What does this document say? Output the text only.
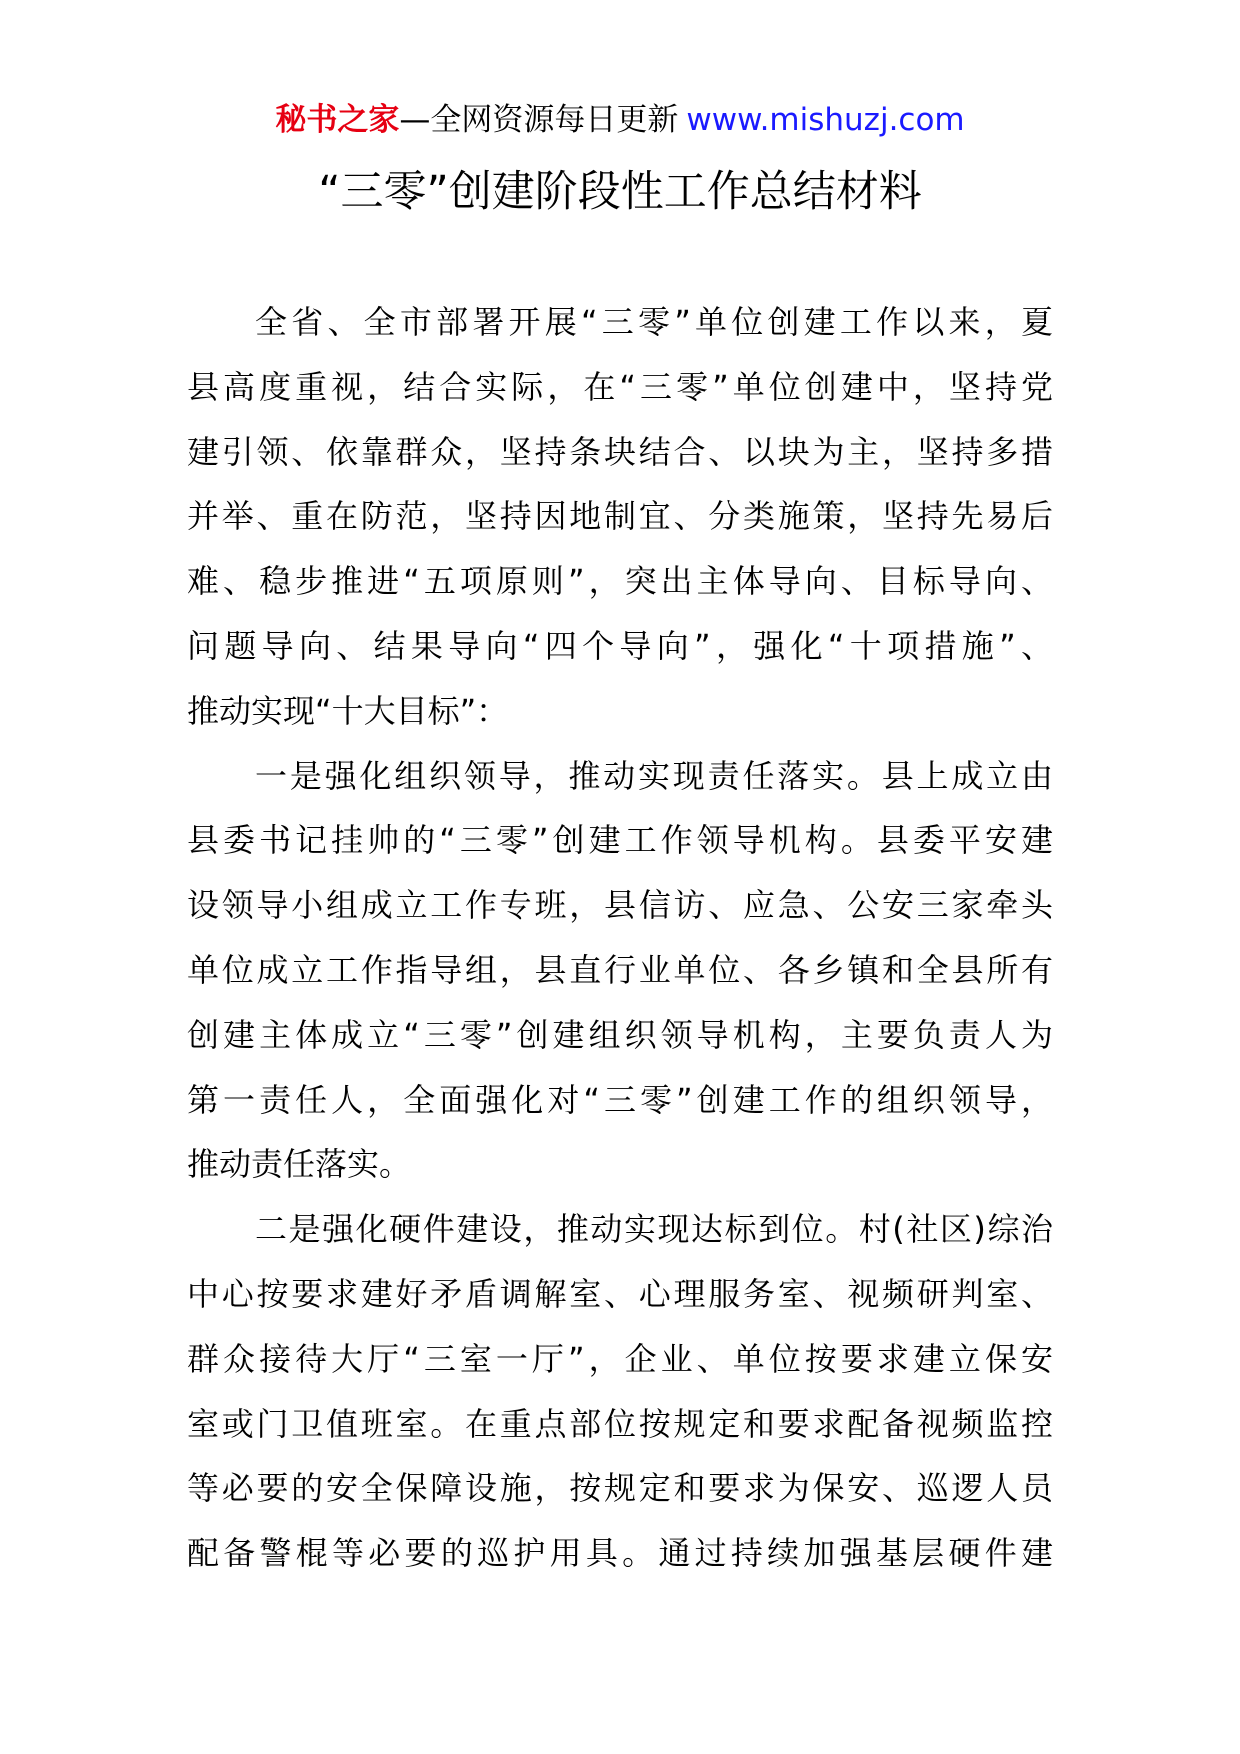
秘书之家—全网资源每日更新 www.mishuzj.com
“三零”创建阶段性工作总结材料
全省、全市部署开展“三零”单位创建工作以来，夏
县高度重视，结合实际，在“三零”单位创建中，坚持党
建引领、依靠群众，坚持条块结合、以块为主，坚持多措
并举、重在防范，坚持因地制宜、分类施策，坚持先易后
难、稳步推进“五项原则”，突出主体导向、目标导向、
问题导向、结果导向“四个导向”，强化“十项措施”、
推动实现“十大目标”：
一是强化组织领导，推动实现责任落实。县上成立由
县委书记挂帅的“三零”创建工作领导机构。县委平安建
设领导小组成立工作专班，县信访、应急、公安三家牵头
单位成立工作指导组，县直行业单位、各乡镇和全县所有
创建主体成立“三零”创建组织领导机构，主要负责人为
第一责任人，全面强化对“三零”创建工作的组织领导，
推动责任落实。
二是强化硬件建设，推动实现达标到位。村(社区)综治
中心按要求建好矛盾调解室、心理服务室、视频研判室、
群众接待大厅“三室一厅”，企业、单位按要求建立保安
室或门卫值班室。在重点部位按规定和要求配备视频监控
等必要的安全保障设施，按规定和要求为保安、巡逻人员
配备警棍等必要的巡护用具。通过持续加强基层硬件建
